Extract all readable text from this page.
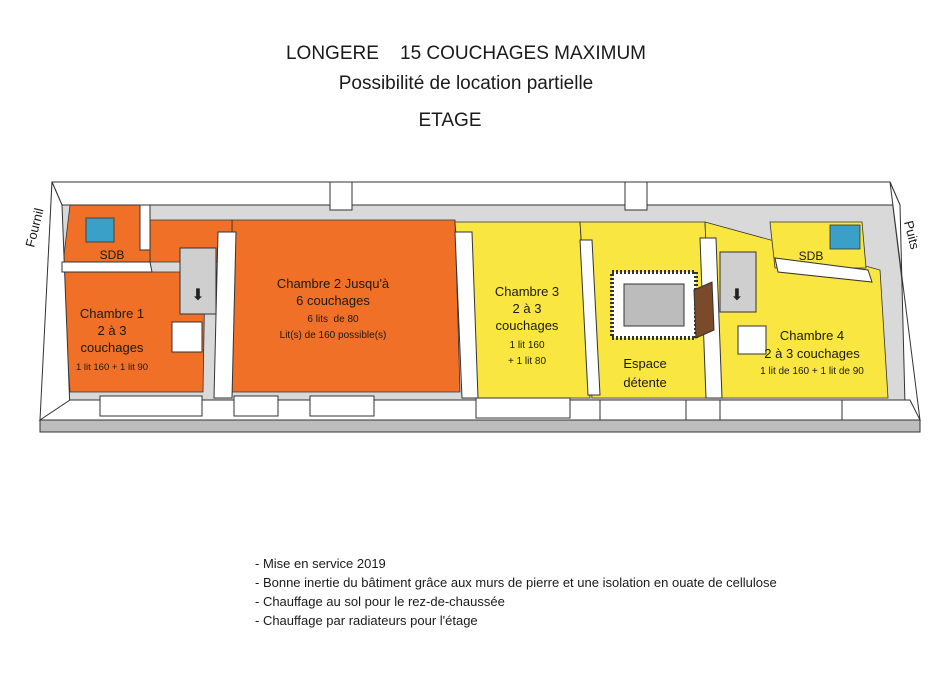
LONGERE    15 COUCHAGES MAXIMUM
Possibilité de location partielle
ETAGE
⬇	⬇
Fournil	Puits
SDB	SDB
Chambre 1
2 à 3
couchages
1 lit 160 + 1 lit 90
Chambre 2 Jusqu'à
6 couchages
6 lits  de 80
Lit(s) de 160 possible(s)
Chambre 3
2 à 3
couchages
1 lit 160
+ 1 lit 80	Espace
détente
Chambre 4
2 à 3 couchages
1 lit de 160 + 1 lit de 90
- Mise en service 2019
- Bonne inertie du bâtiment grâce aux murs de pierre et une isolation en ouate de cellulose
- Chauffage au sol pour le rez-de-chaussée
- Chauffage par radiateurs pour l'étage
